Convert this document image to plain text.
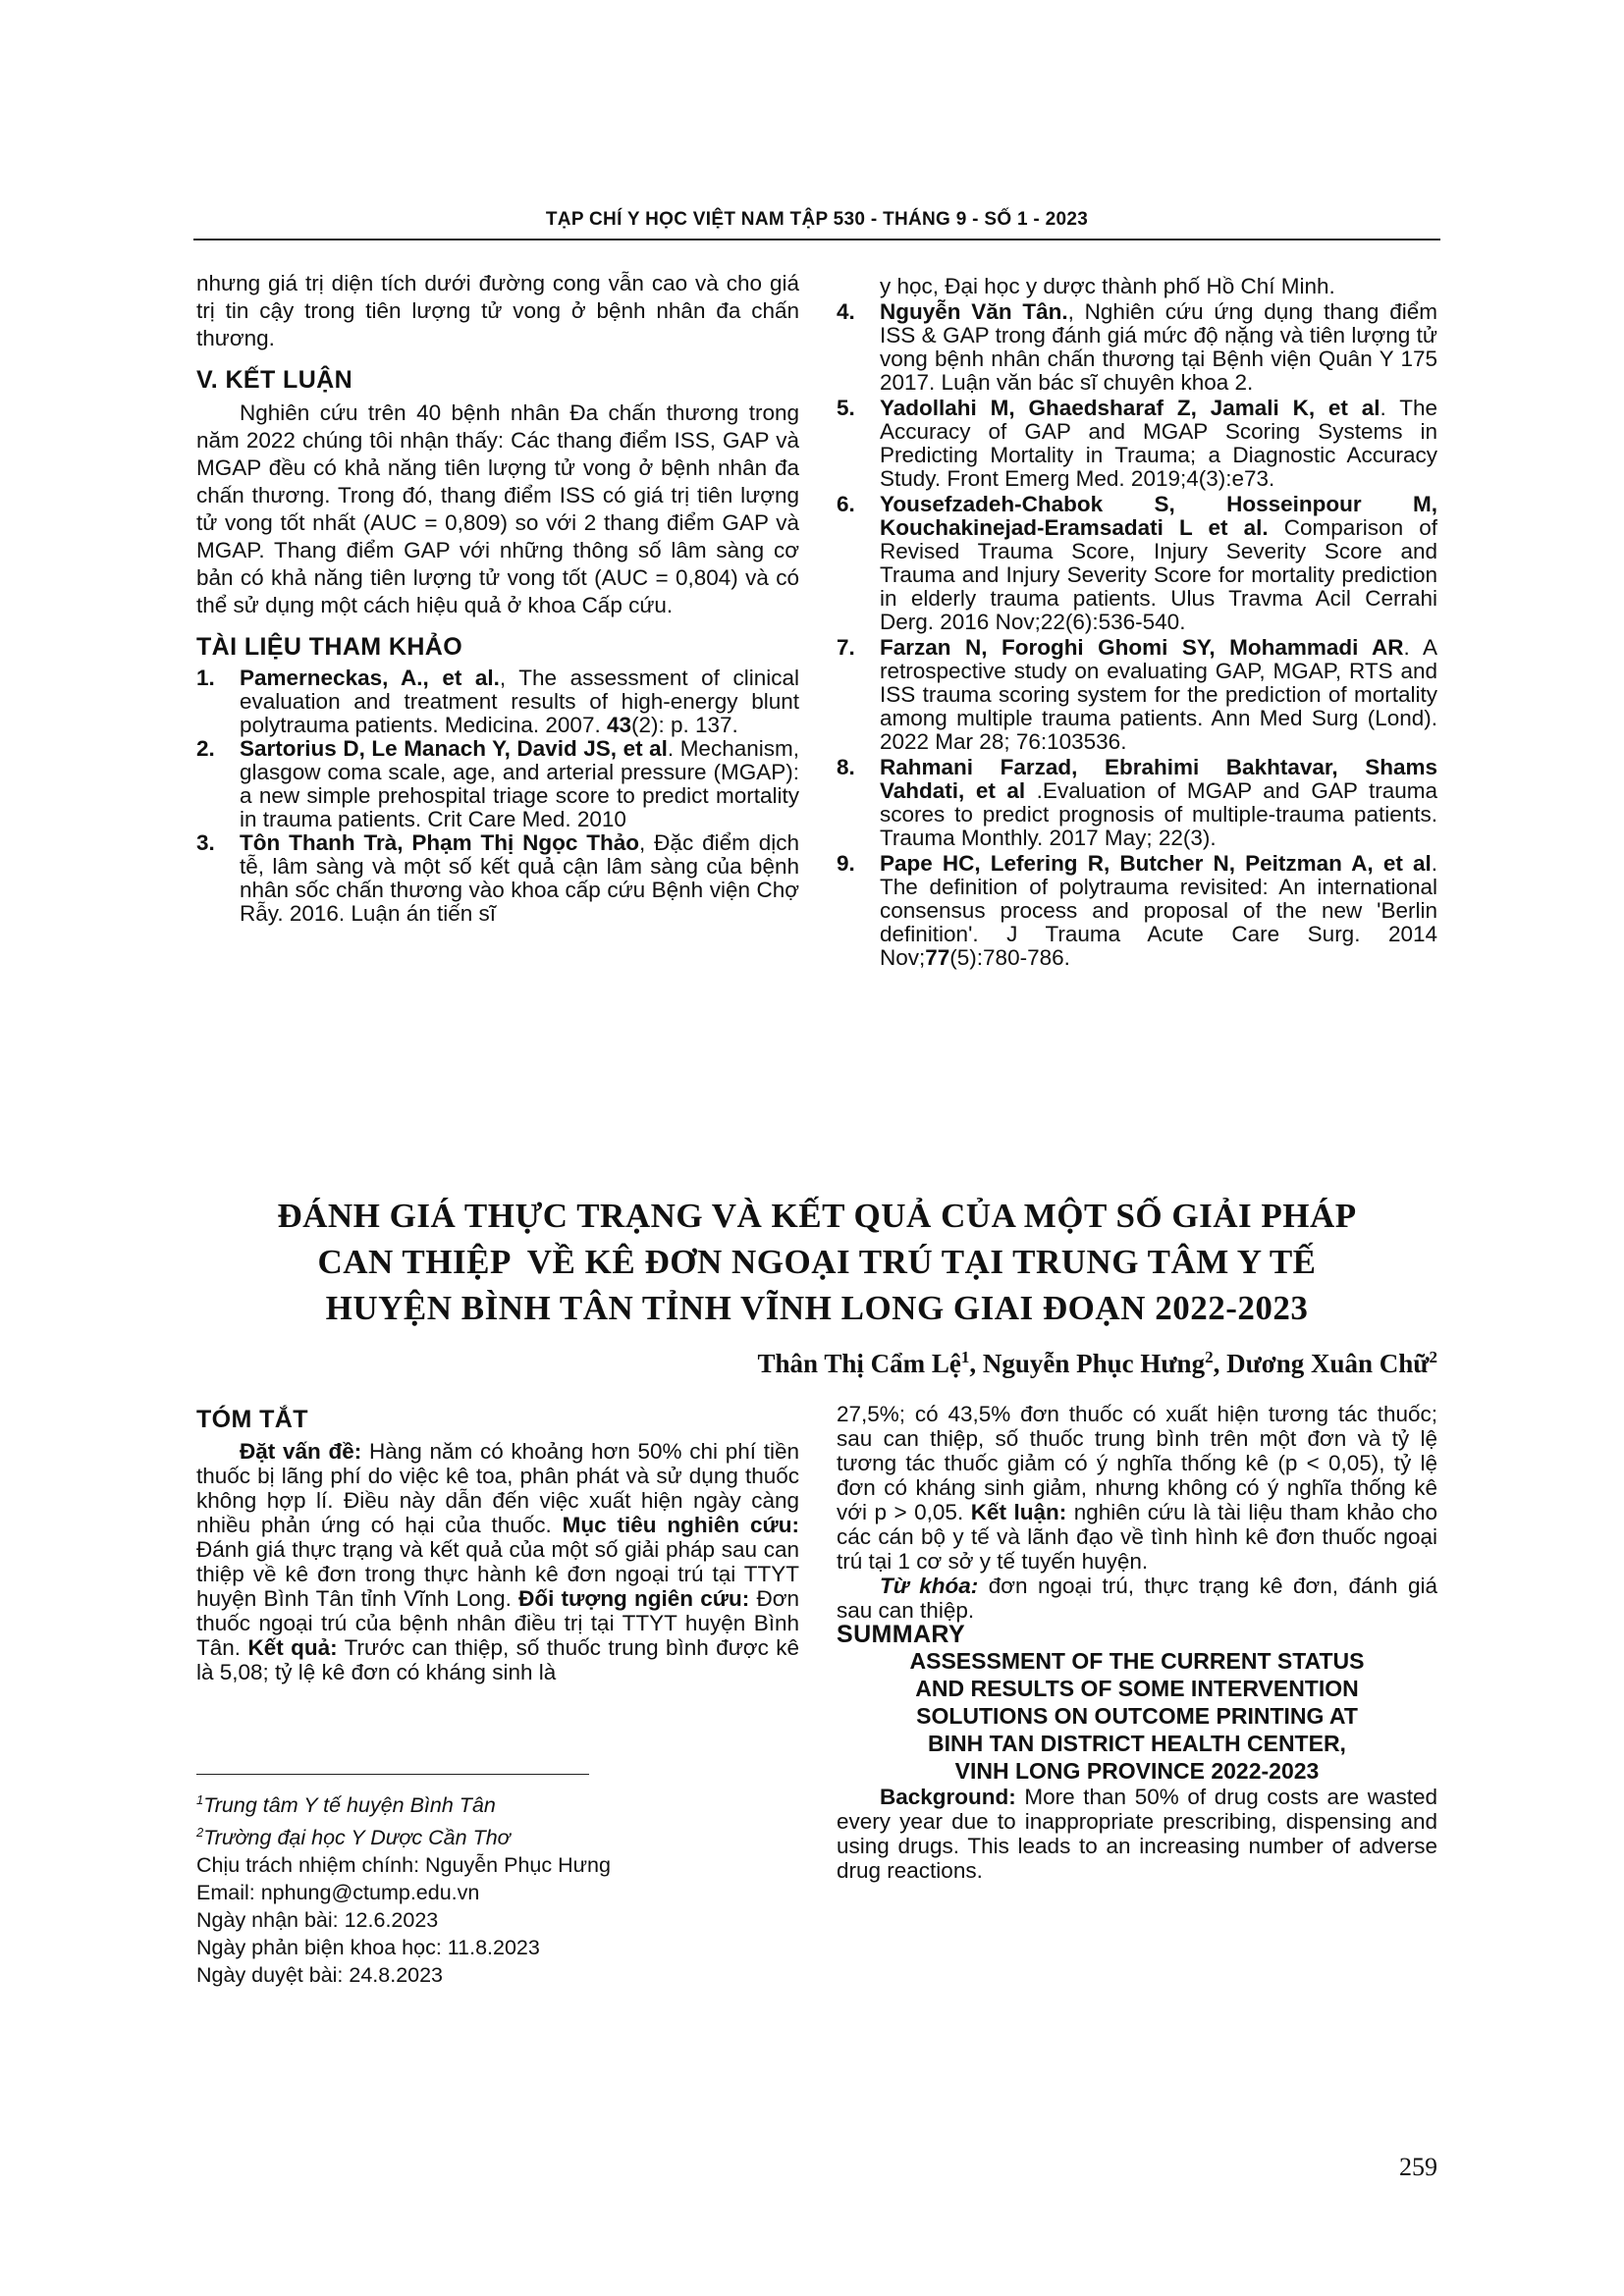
TẠP CHÍ Y HỌC VIỆT NAM TẬP 530 - THÁNG 9 - SỐ 1 - 2023

nhưng giá trị diện tích dưới đường cong vẫn cao và cho giá trị tin cậy trong tiên lượng tử vong ở bệnh nhân đa chấn thương.

V. KẾT LUẬN

Nghiên cứu trên 40 bệnh nhân Đa chấn thương trong năm 2022 chúng tôi nhận thấy: Các thang điểm ISS, GAP và MGAP đều có khả năng tiên lượng tử vong ở bệnh nhân đa chấn thương. Trong đó, thang điểm ISS có giá trị tiên lượng tử vong tốt nhất (AUC = 0,809) so với 2 thang điểm GAP và MGAP. Thang điểm GAP với những thông số lâm sàng cơ bản có khả năng tiên lượng tử vong tốt (AUC = 0,804) và có thể sử dụng một cách hiệu quả ở khoa Cấp cứu.

TÀI LIỆU THAM KHẢO

1. Pamerneckas, A., et al., The assessment of clinical evaluation and treatment results of high-energy blunt polytrauma patients. Medicina. 2007. 43(2): p. 137.
2. Sartorius D, Le Manach Y, David JS, et al. Mechanism, glasgow coma scale, age, and arterial pressure (MGAP): a new simple prehospital triage score to predict mortality in trauma patients. Crit Care Med. 2010
3. Tôn Thanh Trà, Phạm Thị Ngọc Thảo, Đặc điểm dịch tễ, lâm sàng và một số kết quả cận lâm sàng của bệnh nhân sốc chấn thương vào khoa cấp cứu Bệnh viện Chợ Rẫy. 2016. Luận án tiến sĩ
y học, Đại học y dược thành phố Hồ Chí Minh.
4. Nguyễn Văn Tân., Nghiên cứu ứng dụng thang điểm ISS & GAP trong đánh giá mức độ nặng và tiên lượng tử vong bệnh nhân chấn thương tại Bệnh viện Quân Y 175 2017. Luận văn bác sĩ chuyên khoa 2.
5. Yadollahi M, Ghaedsharaf Z, Jamali K, et al. The Accuracy of GAP and MGAP Scoring Systems in Predicting Mortality in Trauma; a Diagnostic Accuracy Study. Front Emerg Med. 2019;4(3):e73.
6. Yousefzadeh-Chabok S, Hosseinpour M, Kouchakinejad-Eramsadati L et al. Comparison of Revised Trauma Score, Injury Severity Score and Trauma and Injury Severity Score for mortality prediction in elderly trauma patients. Ulus Travma Acil Cerrahi Derg. 2016 Nov;22(6):536-540.
7. Farzan N, Foroghi Ghomi SY, Mohammadi AR. A retrospective study on evaluating GAP, MGAP, RTS and ISS trauma scoring system for the prediction of mortality among multiple trauma patients. Ann Med Surg (Lond). 2022 Mar 28; 76:103536.
8. Rahmani Farzad, Ebrahimi Bakhtavar, Shams Vahdati, et al .Evaluation of MGAP and GAP trauma scores to predict prognosis of multiple-trauma patients. Trauma Monthly. 2017 May; 22(3).
9. Pape HC, Lefering R, Butcher N, Peitzman A, et al. The definition of polytrauma revisited: An international consensus process and proposal of the new 'Berlin definition'. J Trauma Acute Care Surg. 2014 Nov;77(5):780-786.
ĐÁNH GIÁ THỰC TRẠNG VÀ KẾT QUẢ CỦA MỘT SỐ GIẢI PHÁP
CAN THIỆP  VỀ KÊ ĐƠN NGOẠI TRÚ TẠI TRUNG TÂM Y TẾ
HUYỆN BÌNH TÂN TỈNH VĨNH LONG GIAI ĐOẠN 2022-2023
Thân Thị Cẩm Lệ$^1$, Nguyễn Phục Hưng$^2$, Dương Xuân Chữ$^2$

TÓM TẮT

Đặt vấn đề: Hàng năm có khoảng hơn 50% chi phí tiền thuốc bị lãng phí do việc kê toa, phân phát và sử dụng thuốc không hợp lí. Điều này dẫn đến việc xuất hiện ngày càng nhiều phản ứng có hại của thuốc. Mục tiêu nghiên cứu: Đánh giá thực trạng và kết quả của một số giải pháp sau can thiệp về kê đơn trong thực hành kê đơn ngoại trú tại TTYT huyện Bình Tân tỉnh Vĩnh Long. Đối tượng ngiên cứu: Đơn thuốc ngoại trú của bệnh nhân điều trị tại TTYT huyện Bình Tân. Kết quả: Trước can thiệp, số thuốc trung bình được kê là 5,08; tỷ lệ kê đơn có kháng sinh là

$^1$Trung tâm Y tế huyện Bình Tân
$^2$Trường đại học Y Dược Cần Thơ
Chịu trách nhiệm chính: Nguyễn Phục Hưng
Email: nphung@ctump.edu.vn
Ngày nhận bài: 12.6.2023
Ngày phản biện khoa học: 11.8.2023
Ngày duyệt bài: 24.8.2023

27,5%; có 43,5% đơn thuốc có xuất hiện tương tác thuốc; sau can thiệp, số thuốc trung bình trên một đơn và tỷ lệ tương tác thuốc giảm có ý nghĩa thống kê (p < 0,05), tỷ lệ đơn có kháng sinh giảm, nhưng không có ý nghĩa thống kê với p > 0,05. Kết luận: nghiên cứu là tài liệu tham khảo cho các cán bộ y tế và lãnh đạo về tình hình kê đơn thuốc ngoại trú tại 1 cơ sở y tế tuyến huyện.

Từ khóa: đơn ngoại trú, thực trạng kê đơn, đánh giá sau can thiệp.

SUMMARY

ASSESSMENT OF THE CURRENT STATUS
AND RESULTS OF SOME INTERVENTION
SOLUTIONS ON OUTCOME PRINTING AT
BINH TAN DISTRICT HEALTH CENTER,
VINH LONG PROVINCE 2022-2023

Background: More than 50% of drug costs are wasted every year due to inappropriate prescribing, dispensing and using drugs. This leads to an increasing number of adverse drug reactions.

259
